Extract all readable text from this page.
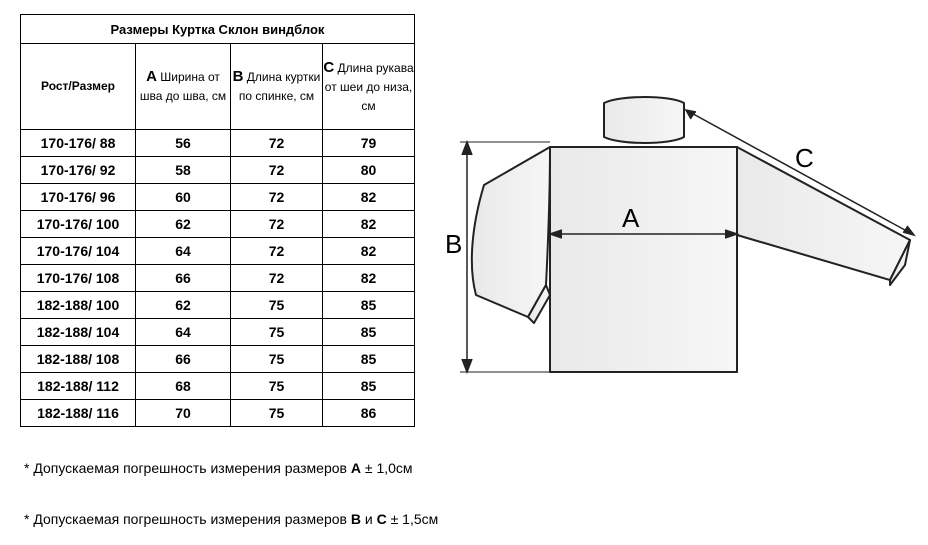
Размеры Куртка Склон виндблок			
Рост/Размер	А Ширина от шва до шва, см	В Длина куртки по спинке, см	С Длина рукава от шеи до низа, см
170-176/ 88	56	72	79
170-176/ 92	58	72	80
170-176/ 96	60	72	82
170-176/ 100	62	72	82
170-176/ 104	64	72	82
170-176/ 108	66	72	82
182-188/ 100	62	75	85
182-188/ 104	64	75	85
182-188/ 108	66	75	85
182-188/ 112	68	75	85
182-188/ 116	70	75	86
* Допускаемая погрешность измерения размеров А ± 1,0см
* Допускаемая погрешность измерения размеров В и С ± 1,5см
A
B
C
